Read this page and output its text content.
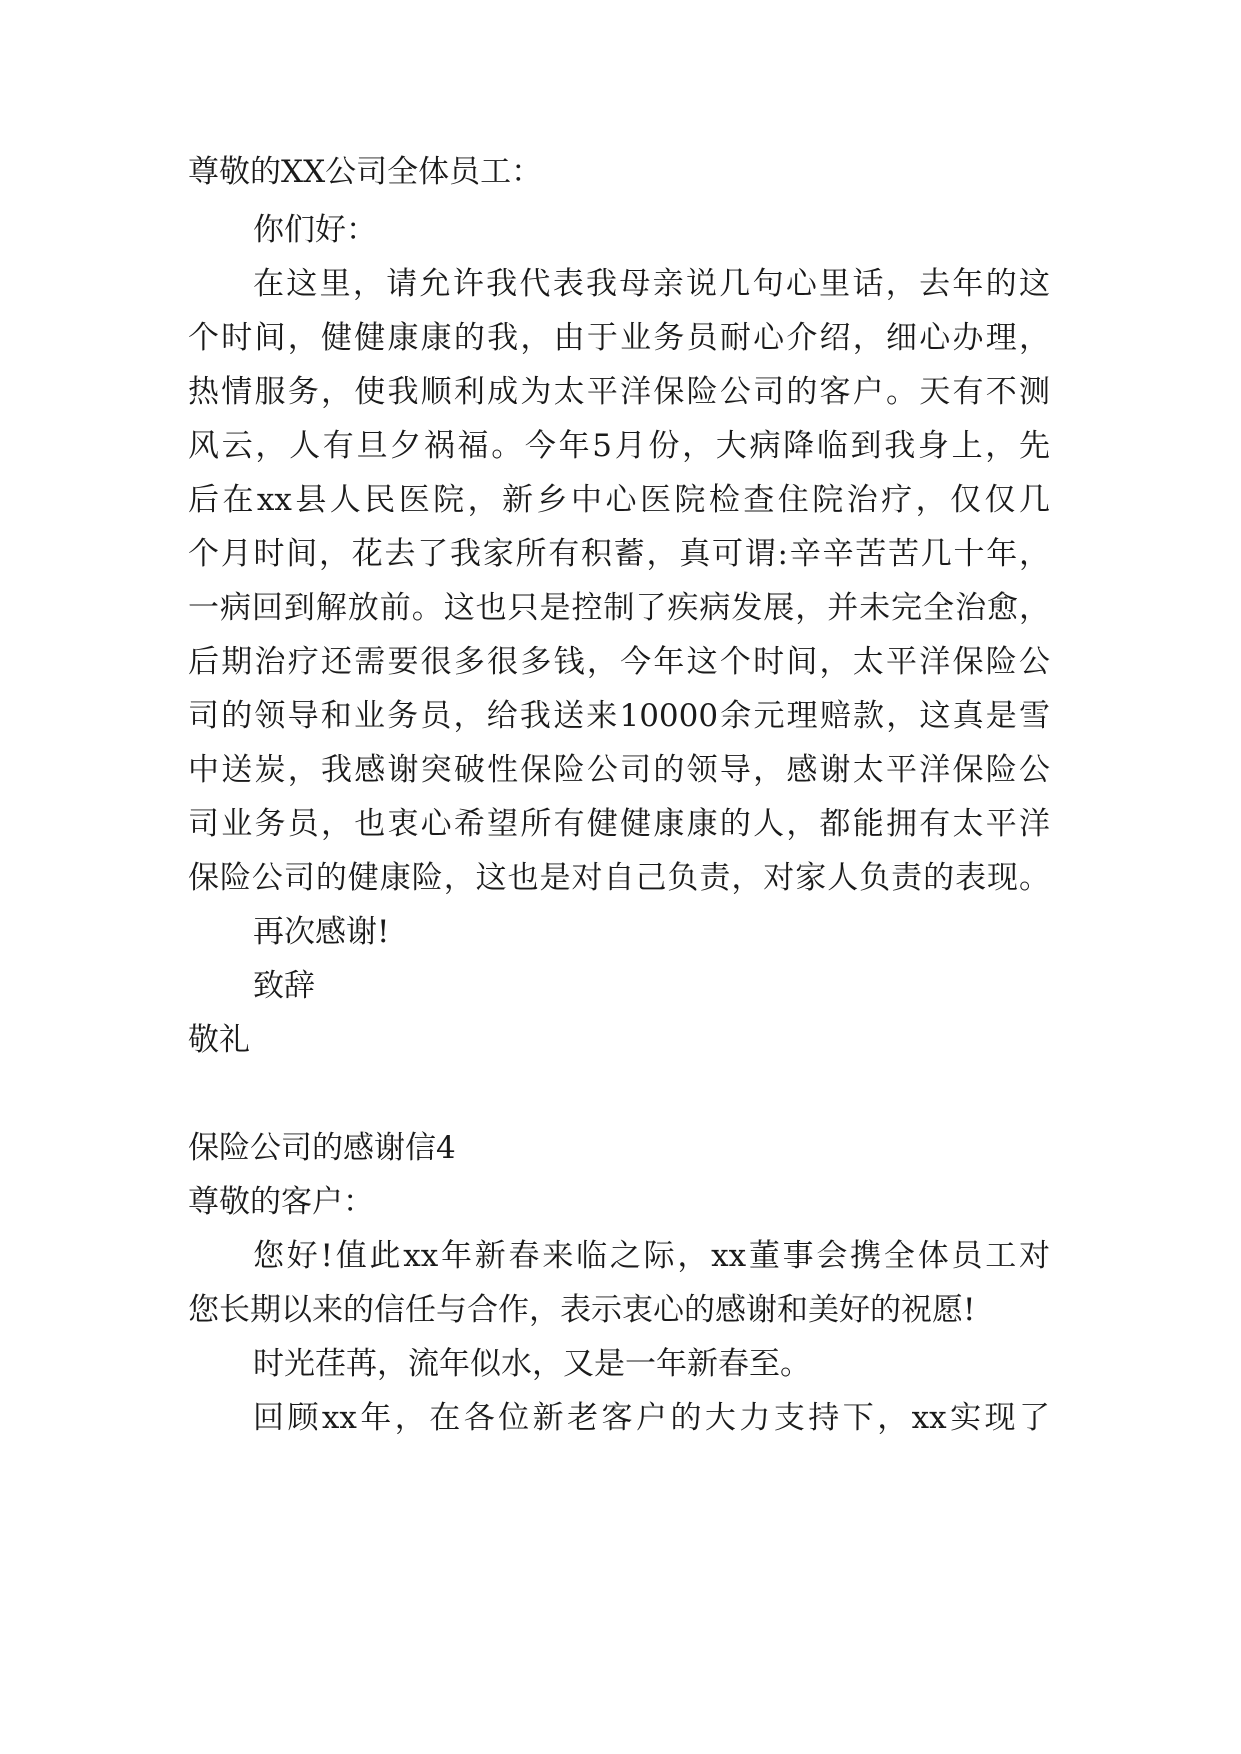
尊敬的XX公司全体员工：
你们好：
在这里，请允许我代表我母亲说几句心里话，去年的这
个时间，健健康康的我，由于业务员耐心介绍，细心办理，
热情服务，使我顺利成为太平洋保险公司的客户。天有不测
风云，人有旦夕祸福。今年5月份，大病降临到我身上，先
后在xx县人民医院，新乡中心医院检查住院治疗，仅仅几
个月时间，花去了我家所有积蓄，真可谓:辛辛苦苦几十年，
一病回到解放前。这也只是控制了疾病发展，并未完全治愈，
后期治疗还需要很多很多钱，今年这个时间，太平洋保险公
司的领导和业务员，给我送来10000余元理赔款，这真是雪
中送炭，我感谢突破性保险公司的领导，感谢太平洋保险公
司业务员，也衷心希望所有健健康康的人，都能拥有太平洋
保险公司的健康险，这也是对自己负责，对家人负责的表现。
再次感谢!
致辞
敬礼
保险公司的感谢信4
尊敬的客户：
您好!值此xx年新春来临之际，xx董事会携全体员工对
您长期以来的信任与合作，表示衷心的感谢和美好的祝愿!
时光荏苒，流年似水，又是一年新春至。
回顾xx年，在各位新老客户的大力支持下，xx实现了
